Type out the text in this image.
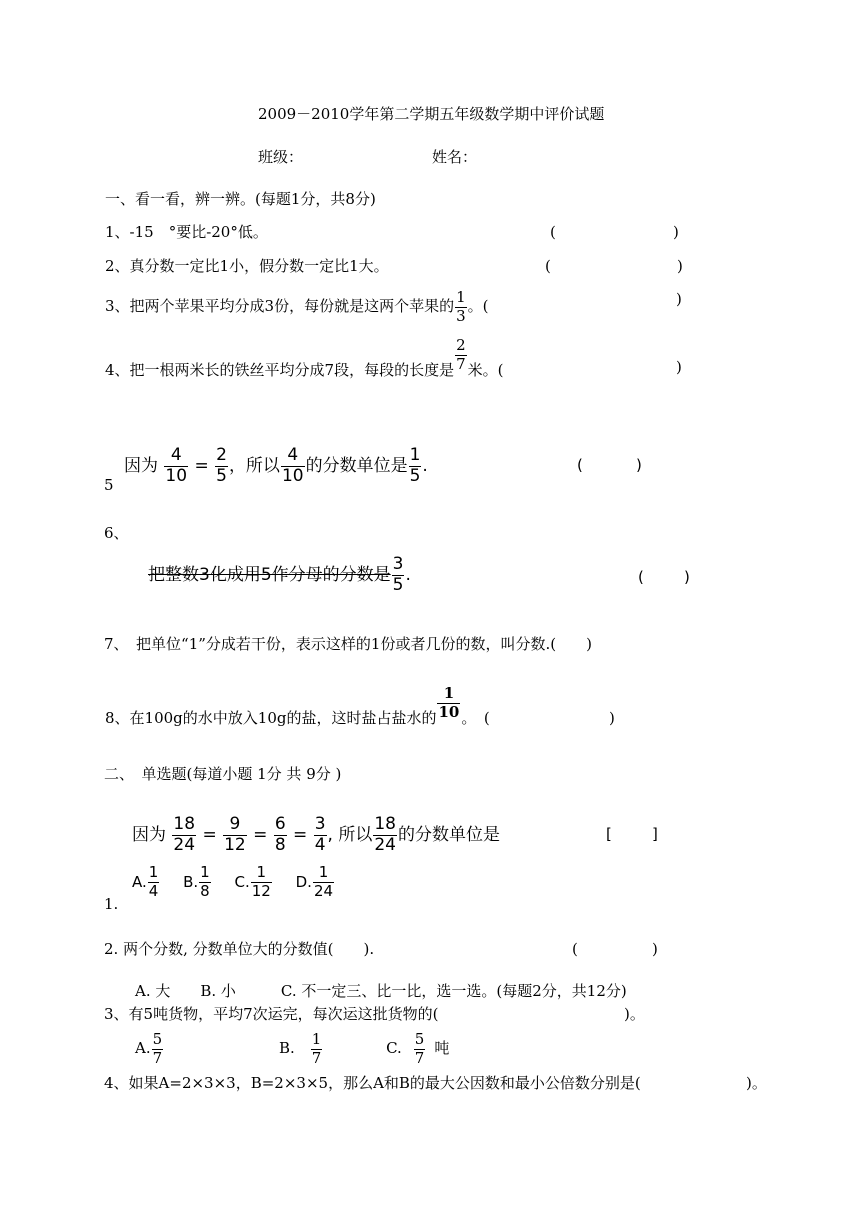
2009－2010学年第二学期五年级数学期中评价试题
班级：	姓名：
一、看一看，辨一辨。(每题1分，共8分)
1、-15　°要比-20°低。	(	)
2、真分数一定比1小，假分数一定比1大。	(	)
3、把两个苹果平均分成3份，每份就是这两个苹果的 $\frac{1}{3}$ 。(	)
4、把一根两米长的铁丝平均分成7段，每段的长度是 $\frac{2}{7}$ 米。(	)
5
因为 $\frac{4}{10} = \frac{2}{5}$ ，所以 $\frac{4}{10}$ 的分数单位是 $\frac{1}{5}$ .	(	)
6、
把整数3化成用5作分母的分数是 $\frac{3}{5}$ .	(	)
7、　把单位“1”分成若干份，表示这样的1份或者几份的数，叫分数.(　　)
8、在100g的水中放入10g的盐，这时盐占盐水的 $\frac{1}{10}$ 。　(	)
二、　单选题(每道小题 1分 共 9分 )
因为 $\frac{18}{24} = \frac{9}{12} = \frac{6}{8} = \frac{3}{4}$ , 所以 $\frac{18}{24}$ 的分数单位是	[	]
A. $\frac{1}{4} B$. $\frac{1}{8} C$. $\frac{1}{12} D$. $\frac{1}{24}$
1.
2. 两个分数, 分数单位大的分数值(　　).	(	)
A. 大　　B. 小　　　C. 不一定三、比一比，选一选。(每题2分，共12分)
3、有5吨货物，平均7次运完，每次运这批货物的(	)。
A. $\frac{5}{7}$	B. $\frac{1}{7}$	C. $\frac{5}{7}$ 吨
4、如果A=2×3×3，B=2×3×5，那么A和B的最大公因数和最小公倍数分别是(	)。
